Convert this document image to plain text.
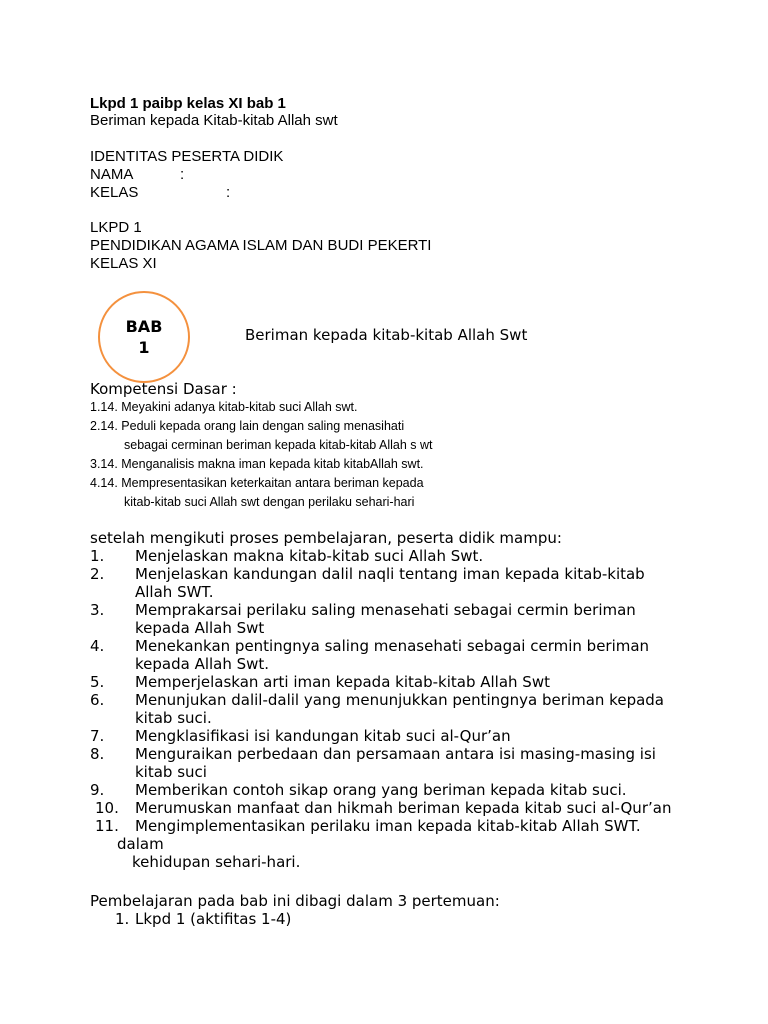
Lkpd 1 paibp kelas XI bab 1
Beriman kepada Kitab-kitab Allah swt
IDENTITAS PESERTA DIDIK
NAMA	:
KELAS	:
LKPD 1
PENDIDIKAN AGAMA ISLAM DAN BUDI PEKERTI
KELAS XI
BAB
1
Beriman kepada kitab-kitab Allah Swt
Kompetensi Dasar :
1.14. Meyakini adanya kitab-kitab suci Allah swt.
2.14. Peduli kepada orang lain dengan saling menasihati
sebagai cerminan beriman kepada kitab-kitab Allah s wt
3.14. Menganalisis makna iman kepada kitab kitabAllah swt.
4.14. Mempresentasikan keterkaitan antara beriman kepada
kitab-kitab suci Allah swt dengan perilaku sehari-hari
setelah mengikuti proses pembelajaran, peserta didik mampu:
1. Menjelaskan makna kitab-kitab suci Allah Swt.
2. Menjelaskan kandungan dalil naqli tentang iman kepada kitab-kitab
Allah SWT.
3. Memprakarsai perilaku saling menasehati sebagai cermin beriman
kepada Allah Swt
4. Menekankan pentingnya saling menasehati sebagai cermin beriman
kepada Allah Swt.
5. Memperjelaskan arti iman kepada kitab-kitab Allah Swt
6. Menunjukan dalil-dalil yang menunjukkan pentingnya beriman kepada
kitab suci.
7. Mengklasifikasi isi kandungan kitab suci al-Qur’an
8. Menguraikan perbedaan dan persamaan antara isi masing-masing isi
kitab suci
9. Memberikan contoh sikap orang yang beriman kepada kitab suci.
10. Merumuskan manfaat dan hikmah beriman kepada kitab suci al-Qur’an
11. Mengimplementasikan perilaku iman kepada kitab-kitab Allah SWT.
dalam
kehidupan sehari-hari.
Pembelajaran pada bab ini dibagi dalam 3 pertemuan:
1. Lkpd 1 (aktifitas 1-4)
